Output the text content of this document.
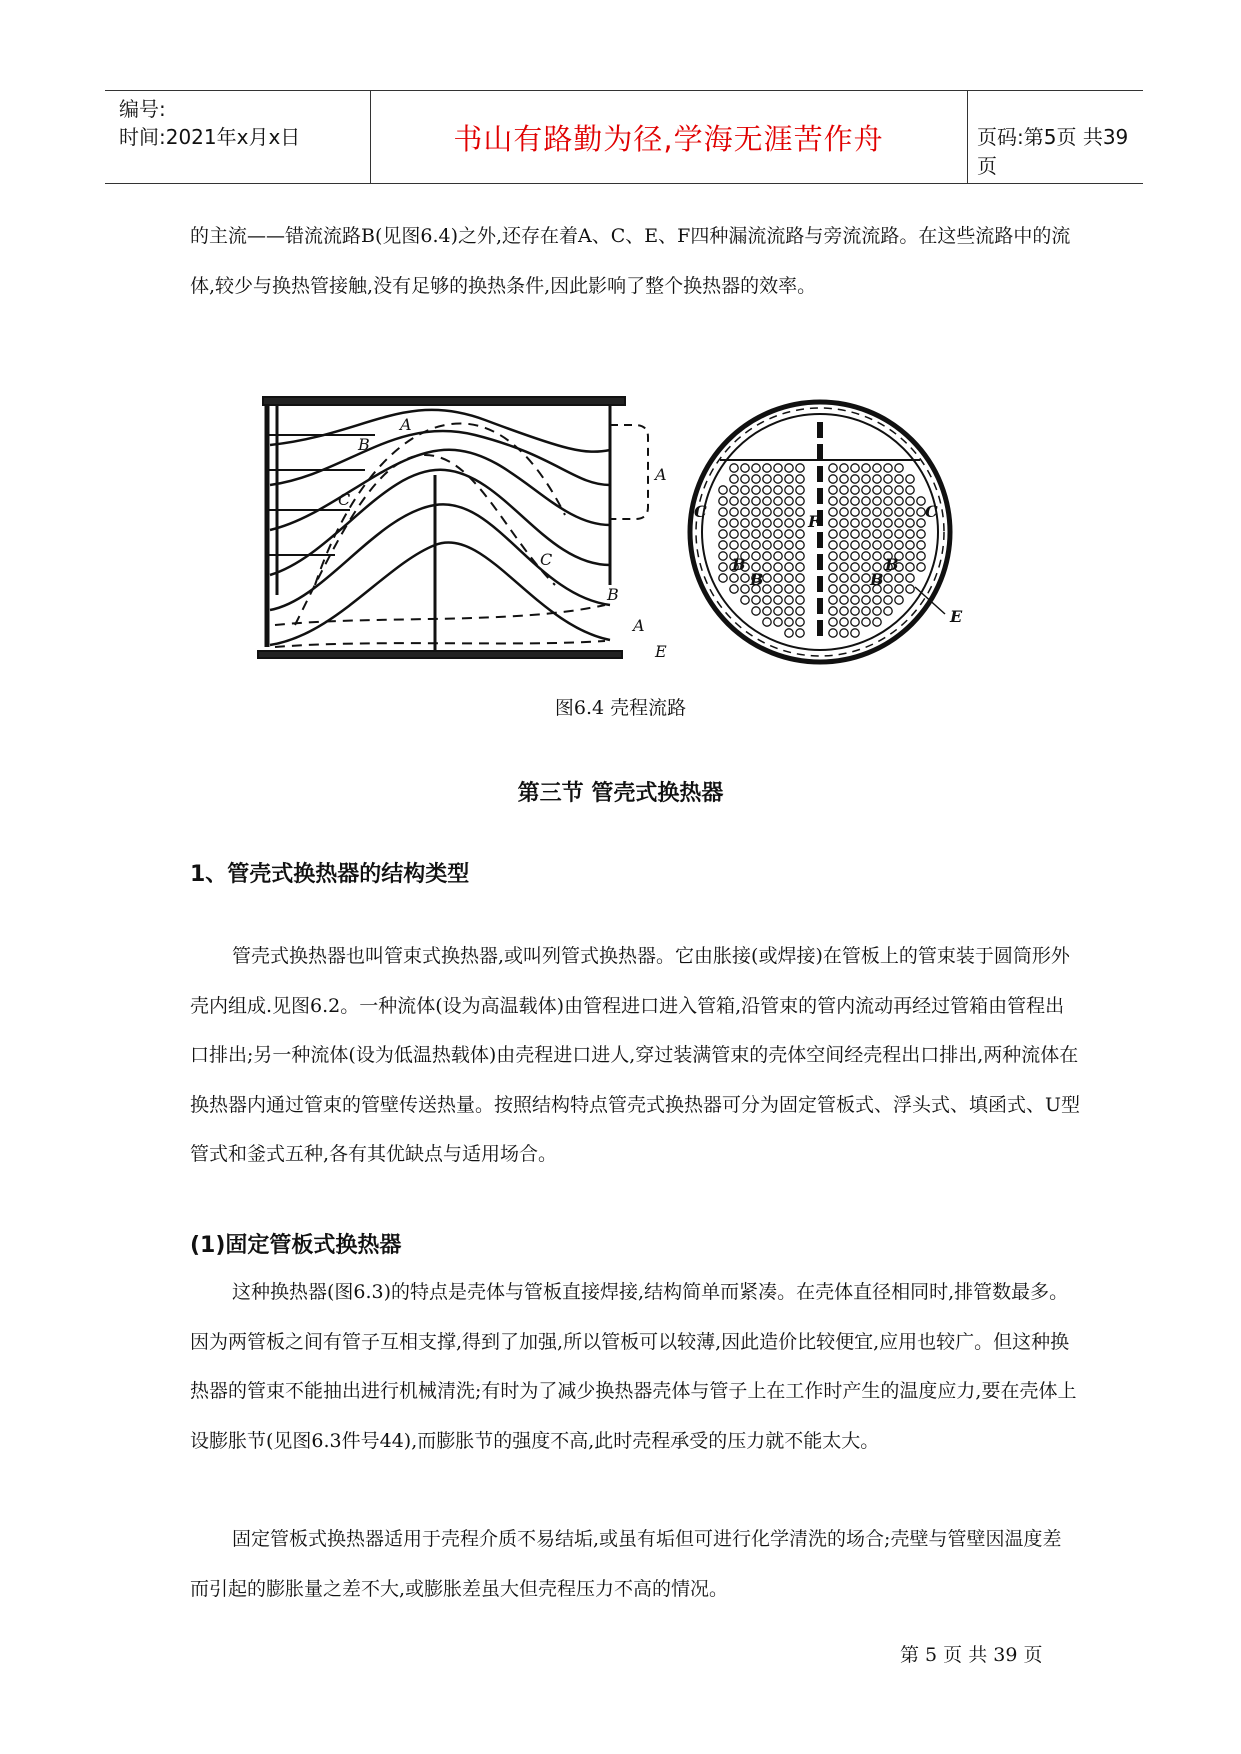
编号:
时间:2021年x月x日	书山有路勤为径,学海无涯苦作舟	页码:第5页 共39页
的主流——错流流路B(见图6.4)之外,还存在着A、C、E、F四种漏流流路与旁流流路。在这些流路中的流体,较少与换热管接触,没有足够的换热条件,因此影响了整个换热器的效率。
A
B
C
A
C
B
A
E
C
F
C
B
B
B
B
E
图6.4 壳程流路
第三节 管壳式换热器
1、管壳式换热器的结构类型
管壳式换热器也叫管束式换热器,或叫列管式换热器。它由胀接(或焊接)在管板上的管束装于圆筒形外壳内组成.见图6.2。一种流体(设为高温载体)由管程进口进入管箱,沿管束的管内流动再经过管箱由管程出口排出;另一种流体(设为低温热载体)由壳程进口进人,穿过装满管束的壳体空间经壳程出口排出,两种流体在换热器内通过管束的管壁传送热量。按照结构特点管壳式换热器可分为固定管板式、浮头式、填函式、U型管式和釜式五种,各有其优缺点与适用场合。
(1)固定管板式换热器
这种换热器(图6.3)的特点是壳体与管板直接焊接,结构简单而紧凑。在壳体直径相同时,排管数最多。因为两管板之间有管子互相支撑,得到了加强,所以管板可以较薄,因此造价比较便宜,应用也较广。但这种换热器的管束不能抽出进行机械清洗;有时为了减少换热器壳体与管子上在工作时产生的温度应力,要在壳体上设膨胀节(见图6.3件号44),而膨胀节的强度不高,此时壳程承受的压力就不能太大。
固定管板式换热器适用于壳程介质不易结垢,或虽有垢但可进行化学清洗的场合;壳壁与管壁因温度差而引起的膨胀量之差不大,或膨胀差虽大但壳程压力不高的情况。
第 5 页 共 39 页
